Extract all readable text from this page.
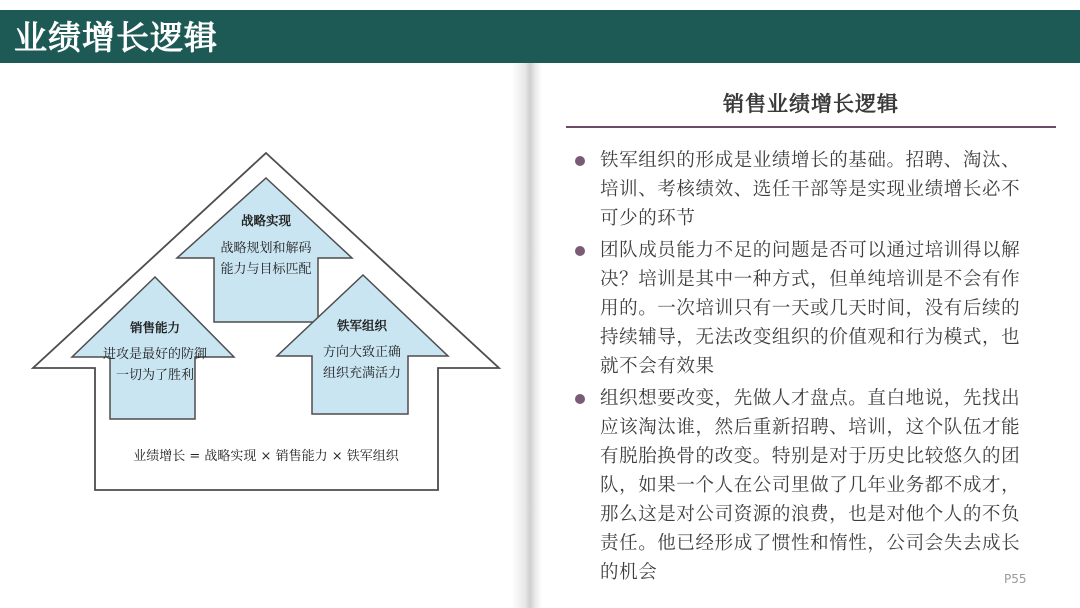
业绩增长逻辑
战略实现
战略规划和解码
能力与目标匹配
销售能力
进攻是最好的防御
一切为了胜利
铁军组织
方向大致正确
组织充满活力
业绩增长 = 战略实现 × 销售能力 × 铁军组织
销售业绩增长逻辑
铁军组织的形成是业绩增长的基础。招聘、淘汰、培训、考核绩效、选任干部等是实现业绩增长必不可少的环节
团队成员能力不足的问题是否可以通过培训得以解决？培训是其中一种方式，但单纯培训是不会有作用的。一次培训只有一天或几天时间，没有后续的持续辅导，无法改变组织的价值观和行为模式，也就不会有效果
组织想要改变，先做人才盘点。直白地说，先找出应该淘汰谁，然后重新招聘、培训，这个队伍才能有脱胎换骨的改变。特别是对于历史比较悠久的团队，如果一个人在公司里做了几年业务都不成才，那么这是对公司资源的浪费，也是对他个人的不负责任。他已经形成了惯性和惰性，公司会失去成长的机会	P55
